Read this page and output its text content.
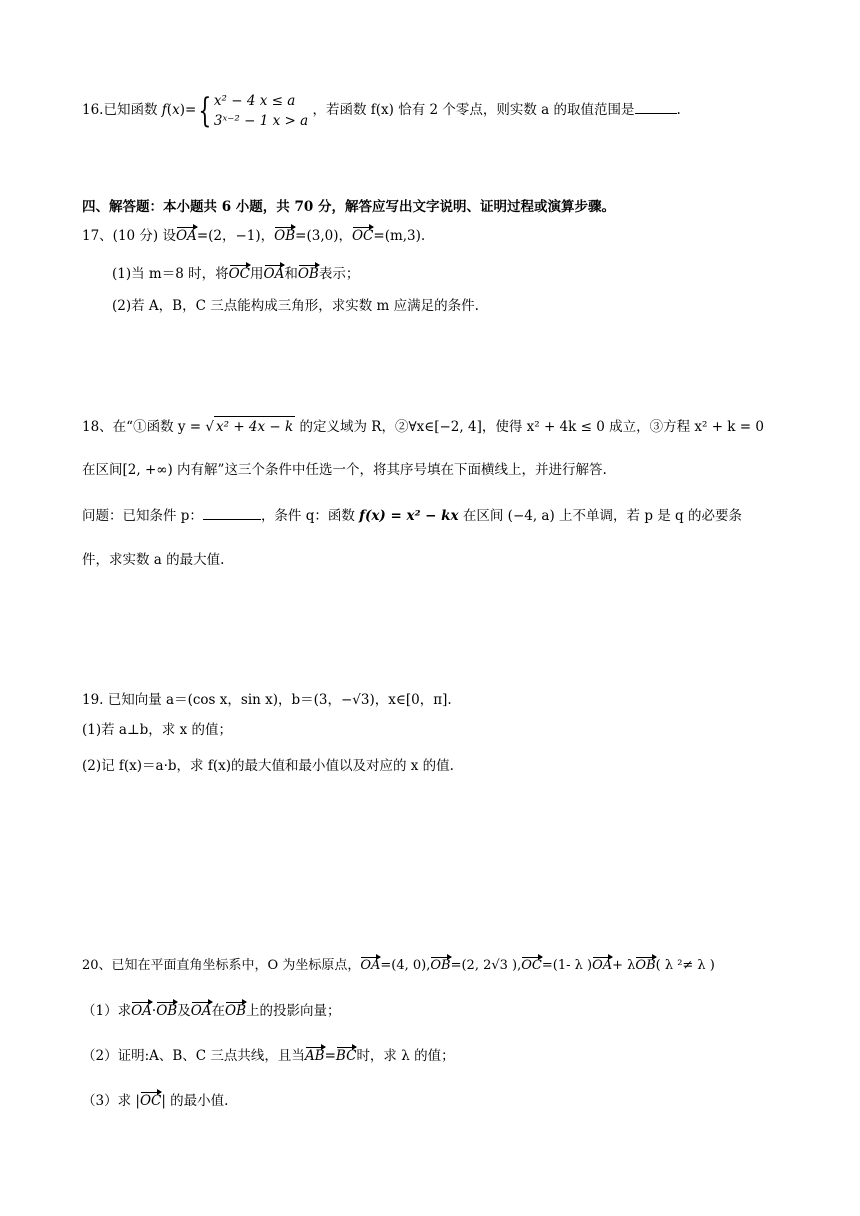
16.已知函数 f(x)={ x² − 4 x ≤ a
3ˣ⁻² − 1 x > a ，若函数 f(x) 恰有 2 个零点，则实数 a 的取值范围是	.
四、解答题：本小题共 6 小题，共 70 分，解答应写出文字说明、证明过程或演算步骤。
17、(10 分) 设OA=(2，−1)，OB=(3,0)，OC=(m,3).
(1)当 m＝8 时，将OC用OA和OB表示；
(2)若 A，B，C 三点能构成三角形，求实数 m 应满足的条件.
18、在“①函数 y = √ x² + 4x − k 的定义域为 R，②∀x∈[−2, 4]，使得 x² + 4k ≤ 0 成立，③方程 x² + k = 0
在区间[2, +∞) 内有解”这三个条件中任选一个，将其序号填在下面横线上，并进行解答.
问题：已知条件 p：	，条件 q：函数 f(x) = x² − kx 在区间 (−4, a) 上不单调，若 p 是 q 的必要条
件，求实数 a 的最大值.
19. 已知向量 a＝(cos x，sin x)，b＝(3，−√3)，x∈[0，π].
(1)若 a⊥b，求 x 的值；
(2)记 f(x)＝a·b，求 f(x)的最大值和最小值以及对应的 x 的值.
20、已知在平面直角坐标系中，O 为坐标原点，OA=(4, 0),OB=(2, 2√3 ),OC=(1- λ )OA+ λOB( λ ²≠ λ )
（1）求OA·OB及OA在OB上的投影向量；
（2）证明:A、B、C 三点共线，且当AB=BC时，求 λ 的值；
（3）求 |OC| 的最小值.
